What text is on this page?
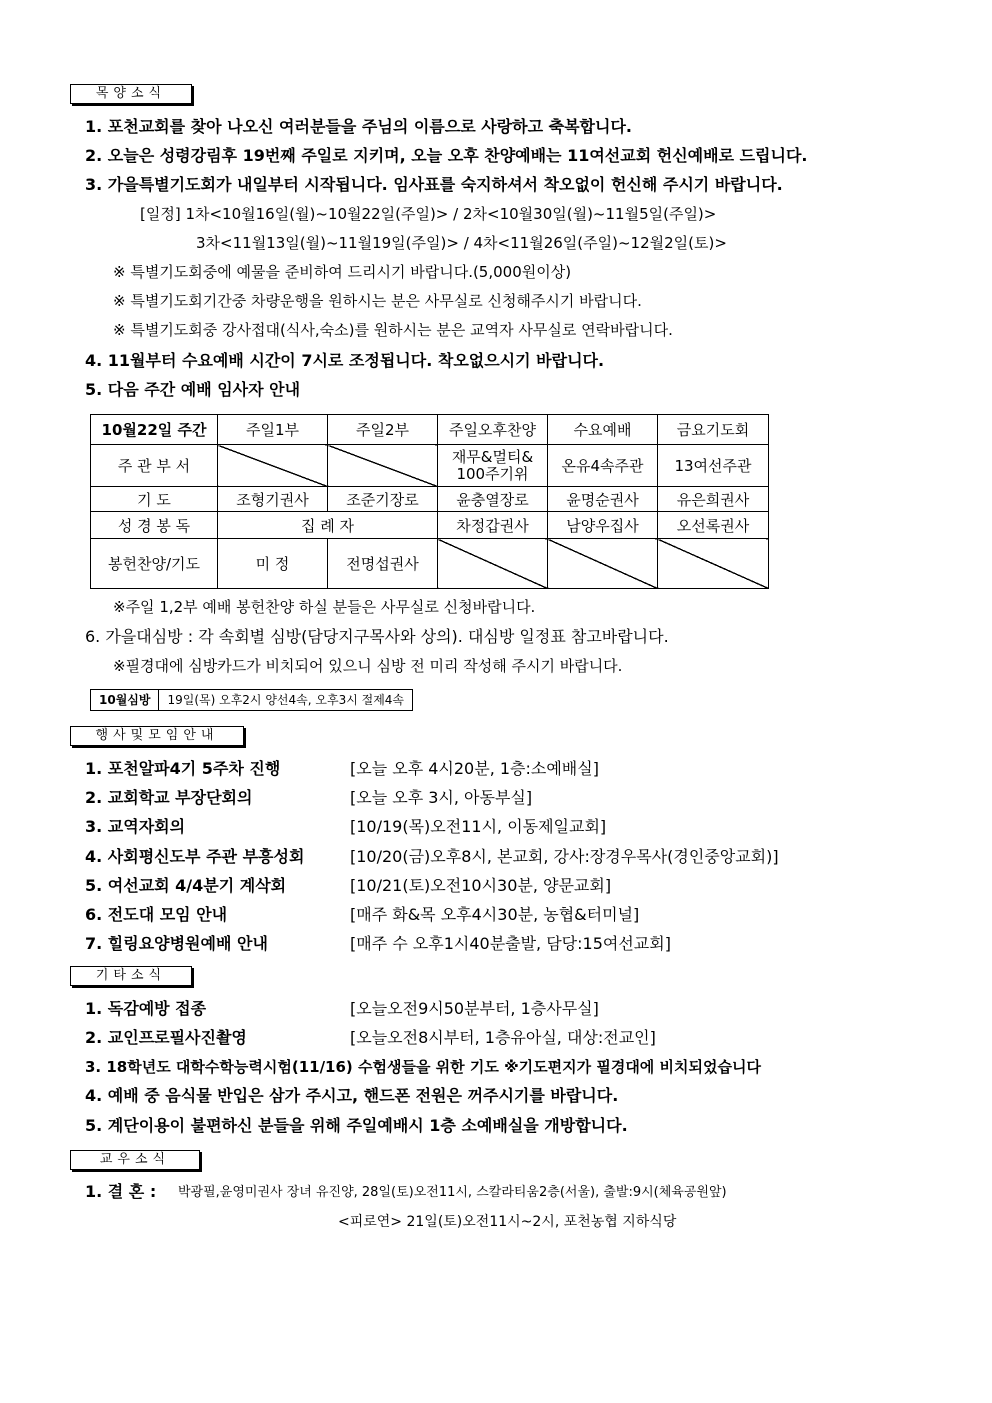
목양소식
1. 포천교회를 찾아 나오신 여러분들을 주님의 이름으로 사랑하고 축복합니다.
2. 오늘은 성령강림후 19번째 주일로 지키며, 오늘 오후 찬양예배는 11여선교회 헌신예배로 드립니다.
3. 가을특별기도회가 내일부터 시작됩니다. 임사표를 숙지하셔서 착오없이 헌신해 주시기 바랍니다.
[일정] 1차<10월16일(월)~10월22일(주일)> / 2차<10월30일(월)~11월5일(주일)>
3차<11월13일(월)~11월19일(주일)> / 4차<11월26일(주일)~12월2일(토)>
※ 특별기도회중에 예물을 준비하여 드리시기 바랍니다.(5,000원이상)
※ 특별기도회기간중 차량운행을 원하시는 분은 사무실로 신청해주시기 바랍니다.
※ 특별기도회중 강사접대(식사,숙소)를 원하시는 분은 교역자 사무실로 연락바랍니다.
4. 11월부터 수요예배 시간이 7시로 조정됩니다. 착오없으시기 바랍니다.
5. 다음 주간 예배 임사자 안내
10월22일 주간	주일1부	주일2부	주일오후찬양	수요예배	금요기도회
주 관 부 서			재무&멀티& 100주기위	온유4속주관	13여선주관
기 도	조형기권사	조준기장로	윤충열장로	윤명순권사	유은희권사
성 경 봉 독	집 례 자		차정갑권사	남양우집사	오선록권사
봉헌찬양/기도	미 정	전명섭권사			
※주일 1,2부 예배 봉헌찬양 하실 분들은 사무실로 신청바랍니다.
6. 가을대심방 : 각 속회별 심방(담당지구목사와 상의). 대심방 일정표 참고바랍니다.
※필경대에 심방카드가 비치되어 있으니 심방 전 미리 작성해 주시기 바랍니다.
10월심방	19일(목) 오후2시 양선4속, 오후3시 절제4속
행사및모임안내
1. 포천알파4기 5주차 진행	[오늘 오후 4시20분, 1층:소예배실]
2. 교회학교 부장단회의	[오늘 오후 3시, 아동부실]
3. 교역자회의	[10/19(목)오전11시, 이동제일교회]
4. 사회평신도부 주관 부흥성회	[10/20(금)오후8시, 본교회, 강사:장경우목사(경인중앙교회)]
5. 여선교회 4/4분기 계삭회	[10/21(토)오전10시30분, 양문교회]
6. 전도대 모임 안내	[매주 화&목 오후4시30분, 농협&터미널]
7. 힐링요양병원예배 안내	[매주 수 오후1시40분출발, 담당:15여선교회]
기타소식
1. 독감예방 접종	[오늘오전9시50분부터, 1층사무실]
2. 교인프로필사진촬영	[오늘오전8시부터, 1층유아실, 대상:전교인]
3. 18학년도 대학수학능력시험(11/16) 수험생들을 위한 기도 ※기도편지가 필경대에 비치되었습니다
4. 예배 중 음식물 반입은 삼가 주시고, 핸드폰 전원은 꺼주시기를 바랍니다.
5. 계단이용이 불편하신 분들을 위해 주일예배시 1층 소예배실을 개방합니다.
교우소식
1. 결 혼 : 박광필,윤영미권사 장녀 유진양, 28일(토)오전11시, 스칼라티움2층(서울), 출발:9시(체육공원앞)
<피로연> 21일(토)오전11시~2시, 포천농협 지하식당
